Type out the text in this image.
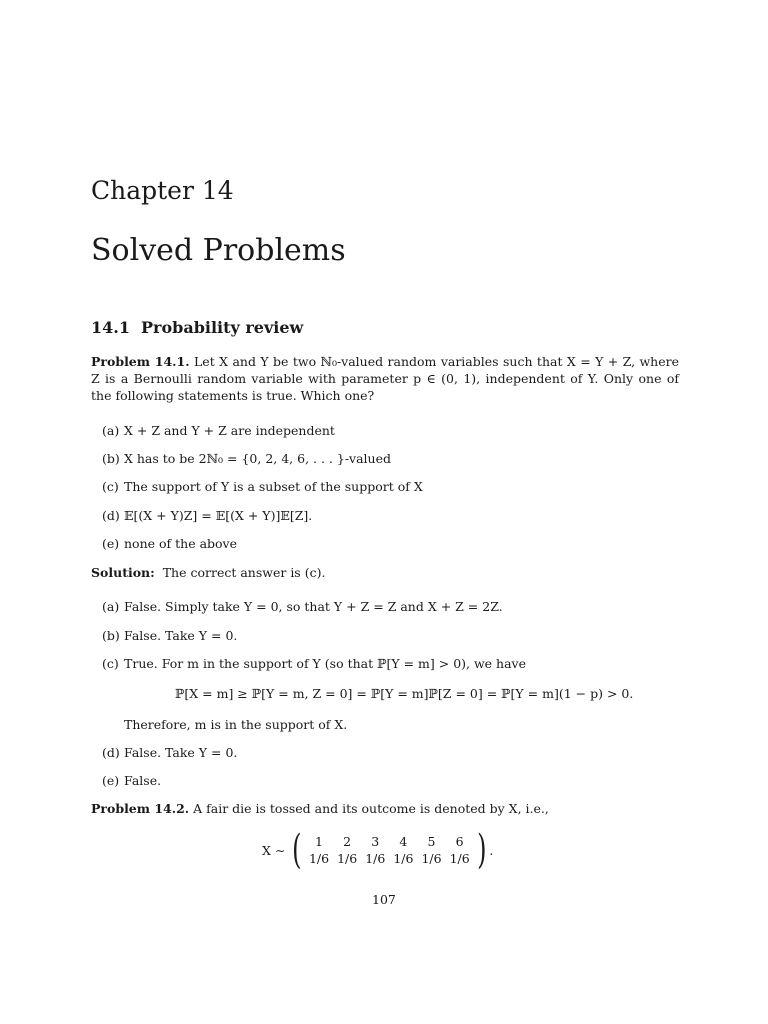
Chapter 14
Solved Problems
14.1 Probability review
Problem 14.1. Let X and Y be two ℕ₀-valued random variables such that X = Y + Z, where Z is a Bernoulli random variable with parameter p ∈ (0, 1), independent of Y. Only one of the following statements is true. Which one?
(a) X + Z and Y + Z are independent
(b) X has to be 2ℕ₀ = {0, 2, 4, 6, . . . }-valued
(c) The support of Y is a subset of the support of X
(d) 𝔼[(X + Y)Z] = 𝔼[(X + Y)]𝔼[Z].
(e) none of the above
Solution: The correct answer is (c).
(a) False. Simply take Y = 0, so that Y + Z = Z and X + Z = 2Z.
(b) False. Take Y = 0.
(c) True. For m in the support of Y (so that ℙ[Y = m] > 0), we have
ℙ[X = m] ≥ ℙ[Y = m, Z = 0] = ℙ[Y = m]ℙ[Z = 0] = ℙ[Y = m](1 − p) > 0.
Therefore, m is in the support of X.
(d) False. Take Y = 0.
(e) False.
Problem 14.2. A fair die is tossed and its outcome is denoted by X, i.e.,
X ∼ ( 1	2	3	4	5	6
1/6	1/6	1/6	1/6	1/6	1/6 ) .
107
